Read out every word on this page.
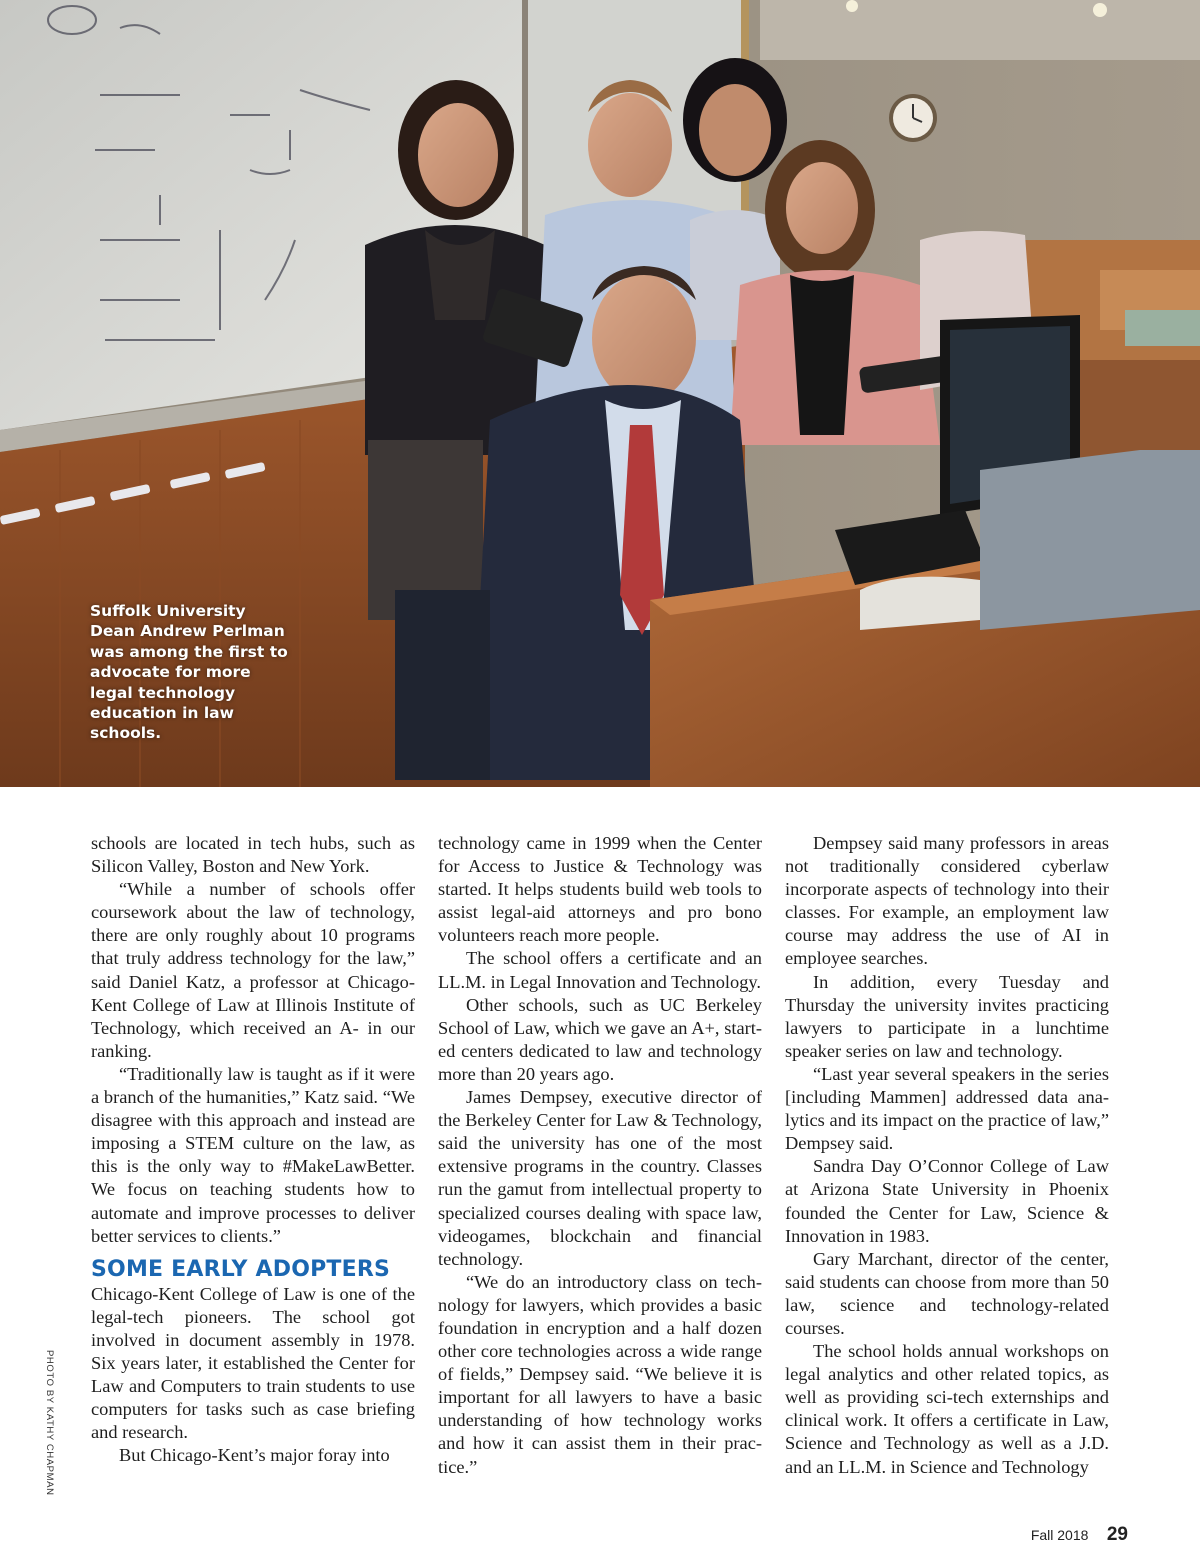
Suffolk University Dean Andrew Perlman was among the first to advocate for more legal technology education in law schools.

schools are located in tech hubs, such as Silicon Valley, Boston and New York.

“While a number of schools offer coursework about the law of technology, there are only roughly about 10 programs that truly address technology for the law,” said Daniel Katz, a professor at Chicago-Kent College of Law at Illinois Institute of Technology, which received an A- in our ranking.

“Traditionally law is taught as if it were a branch of the humanities,” Katz said. “We disagree with this approach and instead are imposing a STEM culture on the law, as this is the only way to #MakeLawBetter. We focus on teaching students how to automate and improve processes to deliver better services to clients.”

SOME EARLY ADOPTERS

Chicago-Kent College of Law is one of the legal-tech pioneers. The school got involved in document assembly in 1978. Six years later, it established the Center for Law and Computers to train students to use computers for tasks such as case briefing and research.

But Chicago-Kent’s major foray into

technology came in 1999 when the Center for Access to Justice & Technology was started. It helps students build web tools to assist legal-aid attorneys and pro bono volunteers reach more people.

The school offers a certificate and an LL.M. in Legal Innovation and Technology.

Other schools, such as UC Berkeley School of Law, which we gave an A+, started centers dedicated to law and technology more than 20 years ago.

James Dempsey, executive director of the Berkeley Center for Law & Technology, said the university has one of the most extensive programs in the country. Classes run the gamut from intellectual property to specialized courses dealing with space law, videogames, blockchain and financial technology.

“We do an introductory class on technology for lawyers, which provides a basic foundation in encryption and a half dozen other core technologies across a wide range of fields,” Dempsey said. “We believe it is important for all lawyers to have a basic understanding of how technology works and how it can assist them in their practice.”

Dempsey said many professors in areas not traditionally considered cyberlaw incorporate aspects of technology into their classes. For example, an employment law course may address the use of AI in employee searches.

In addition, every Tuesday and Thursday the university invites practicing lawyers to participate in a lunchtime speaker series on law and technology.

“Last year several speakers in the series [including Mammen] addressed data analytics and its impact on the practice of law,” Dempsey said.

Sandra Day O’Connor College of Law at Arizona State University in Phoenix founded the Center for Law, Science & Innovation in 1983.

Gary Marchant, director of the center, said students can choose from more than 50 law, science and technology-related courses.

The school holds annual workshops on legal analytics and other related topics, as well as providing sci-tech externships and clinical work. It offers a certificate in Law, Science and Technology as well as a J.D. and an LL.M. in Science and Technology

PHOTO BY KATHY CHAPMAN
Fall 2018 29
